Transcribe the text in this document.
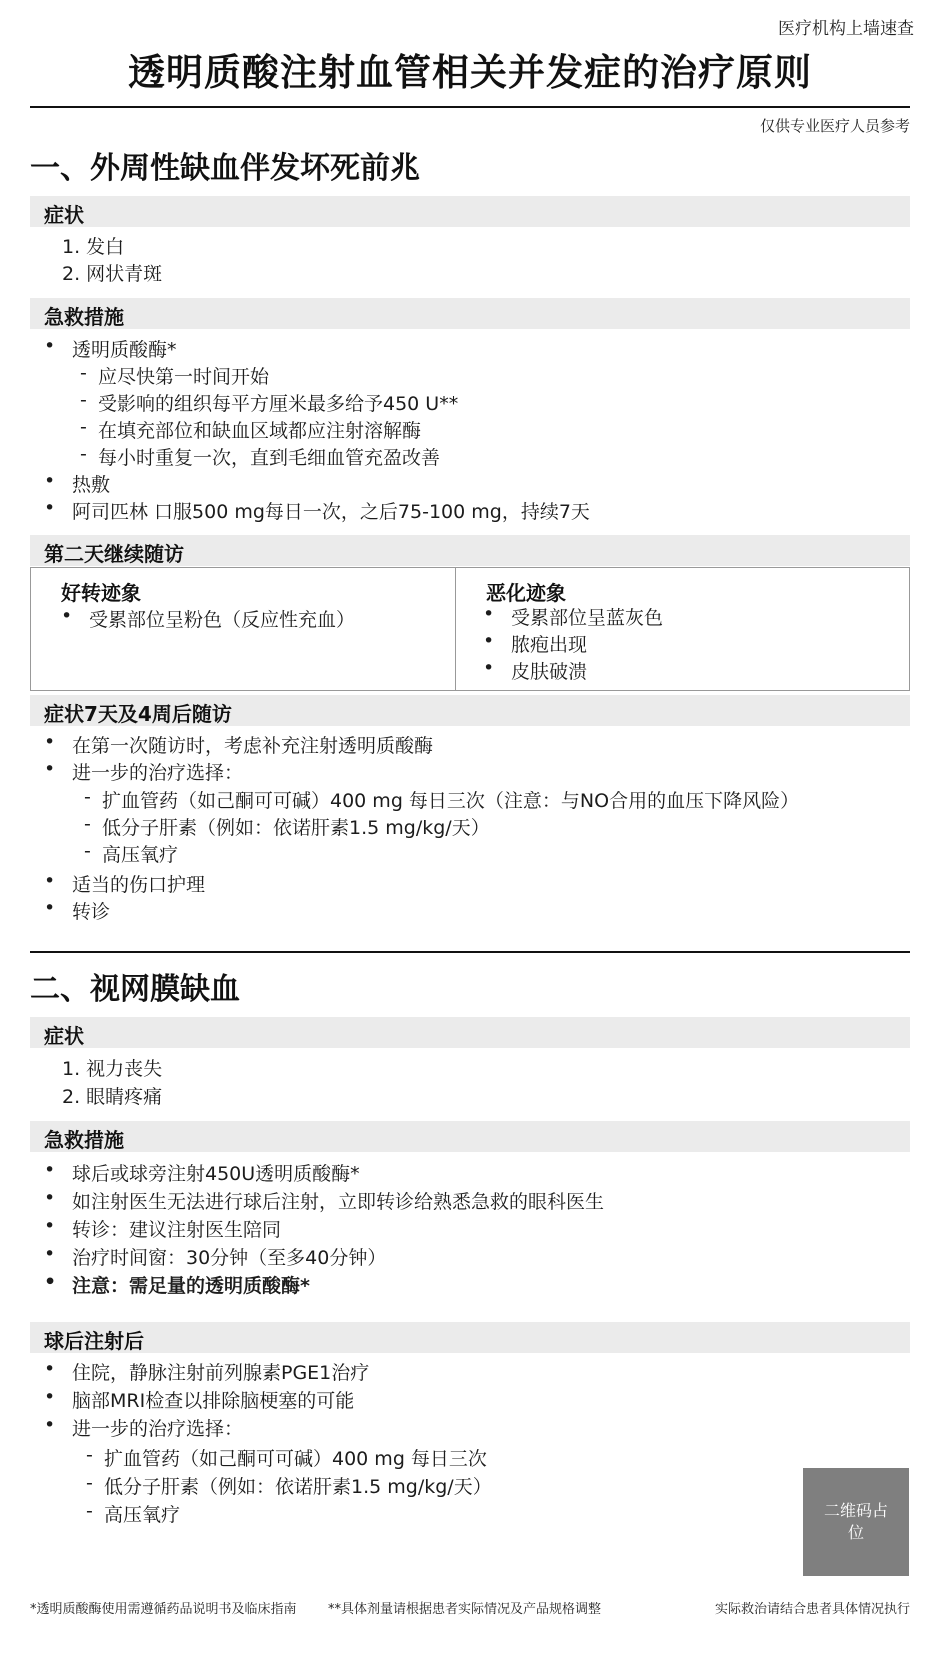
医疗机构上墙速查
透明质酸注射血管相关并发症的治疗原则
仅供专业医疗人员参考
一、外周性缺血伴发坏死前兆
症状
1. 发白
2. 网状青斑
急救措施
• 透明质酸酶*
- 应尽快第一时间开始
- 受影响的组织每平方厘米最多给予450 U**
- 在填充部位和缺血区域都应注射溶解酶
- 每小时重复一次，直到毛细血管充盈改善
• 热敷
• 阿司匹林 口服500 mg每日一次，之后75-100 mg，持续7天
第二天继续随访
好转迹象
• 受累部位呈粉色（反应性充血）
恶化迹象
• 受累部位呈蓝灰色
• 脓疱出现
• 皮肤破溃
症状7天及4周后随访
• 在第一次随访时，考虑补充注射透明质酸酶
• 进一步的治疗选择：
- 扩血管药（如己酮可可碱）400 mg 每日三次（注意：与NO合用的血压下降风险）
- 低分子肝素（例如：依诺肝素1.5 mg/kg/天）
- 高压氧疗
• 适当的伤口护理
• 转诊
二、视网膜缺血
症状
1. 视力丧失
2. 眼睛疼痛
急救措施
• 球后或球旁注射450U透明质酸酶*
• 如注射医生无法进行球后注射，立即转诊给熟悉急救的眼科医生
• 转诊：建议注射医生陪同
• 治疗时间窗：30分钟（至多40分钟）
• 注意：需足量的透明质酸酶*
球后注射后
• 住院，静脉注射前列腺素PGE1治疗
• 脑部MRI检查以排除脑梗塞的可能
• 进一步的治疗选择：
- 扩血管药（如己酮可可碱）400 mg 每日三次
- 低分子肝素（例如：依诺肝素1.5 mg/kg/天）
- 高压氧疗	二维码占位
*透明质酸酶使用需遵循药品说明书及临床指南 **具体剂量请根据患者实际情况及产品规格调整	实际救治请结合患者具体情况执行
